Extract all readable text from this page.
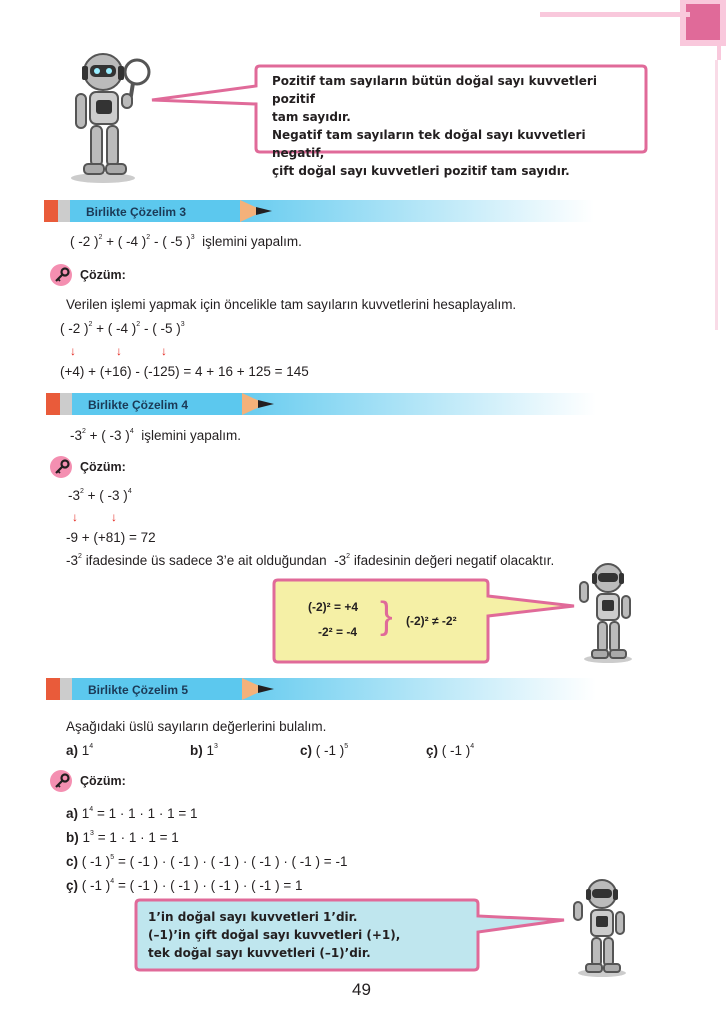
Pozitif tam sayıların bütün doğal sayı kuvvetleri pozitif
tam sayıdır.
Negatif tam sayıların tek doğal sayı kuvvetleri negatif,
çift doğal sayı kuvvetleri pozitif tam sayıdır.
Birlikte Çözelim 3
( -2 )$^2$ + ( -4 )$^2$ - ( -5 )$^3$ işlemini yapalım.
Çözüm:
Verilen işlemi yapmak için öncelikle tam sayıların kuvvetlerini hesaplayalım.
( -2 )$^2$ + ( -4 )$^2$ - ( -5 )$^3$
↓	↓	↓
(+4) + (+16) - (-125) = 4 + 16 + 125 = 145
Birlikte Çözelim 4
$-3^2$ + ( -3 )$^4$ işlemini yapalım.
Çözüm:
$-3^2$ + ( -3 )$^4$
↓	↓
-9 + (+81) = 72
$-3^2$ ifadesinde üs sadece 3’e ait olduğundan  $-3^2$ ifadesinin değeri negatif olacaktır.
(-2)² = +4
-2² = -4 } (-2)² ≠ -2²
Birlikte Çözelim 5
Aşağıdaki üslü sayıların değerlerini bulalım.
a) $1^4$	b) $1^3$	c) ( -1 )$^5$	ç) ( -1 )$^4$
Çözüm:
a) $1^4 = 1 \cdot 1 \cdot 1 \cdot 1 = 1$
b) $1^3 = 1 \cdot 1 \cdot 1 = 1$
c) ( -1 )$^5$ = ( -1 ) · ( -1 ) · ( -1 ) · ( -1 ) · ( -1 ) = -1
ç) ( -1 )$^4$ = ( -1 ) · ( -1 ) · ( -1 ) · ( -1 ) = 1
1’in doğal sayı kuvvetleri 1’dir.
(–1)’in çift doğal sayı kuvvetleri (+1),
tek doğal sayı kuvvetleri (–1)’dir.
49
